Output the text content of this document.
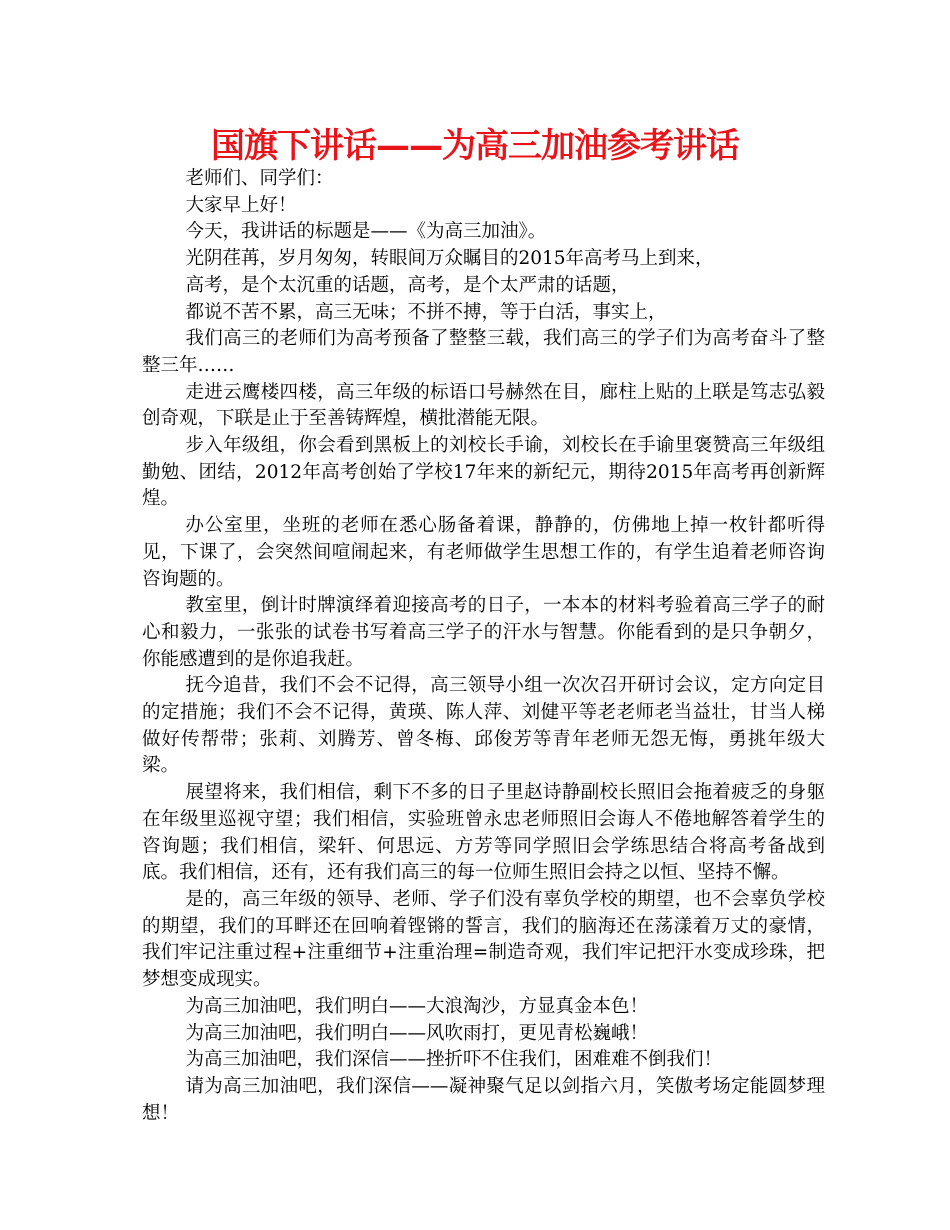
国旗下讲话——为高三加油参考讲话

老师们、同学们：

大家早上好！

今天，我讲话的标题是——《为高三加油》。

光阴荏苒，岁月匆匆，转眼间万众瞩目的2015年高考马上到来，

高考，是个太沉重的话题，高考，是个太严肃的话题，

都说不苦不累，高三无味；不拼不搏，等于白活，事实上，

我们高三的老师们为高考预备了整整三载，我们高三的学子们为高考奋斗了整整三年……

走进云鹰楼四楼，高三年级的标语口号赫然在目，廊柱上贴的上联是笃志弘毅创奇观，下联是止于至善铸辉煌，横批潜能无限。

步入年级组，你会看到黑板上的刘校长手谕，刘校长在手谕里褒赞高三年级组勤勉、团结，2012年高考创始了学校17年来的新纪元，期待2015年高考再创新辉煌。

办公室里，坐班的老师在悉心肠备着课，静静的，仿佛地上掉一枚针都听得见，下课了，会突然间喧闹起来，有老师做学生思想工作的，有学生追着老师咨询咨询题的。

教室里，倒计时牌演绎着迎接高考的日子，一本本的材料考验着高三学子的耐心和毅力，一张张的试卷书写着高三学子的汗水与智慧。你能看到的是只争朝夕，你能感遭到的是你追我赶。

抚今追昔，我们不会不记得，高三领导小组一次次召开研讨会议，定方向定目的定措施；我们不会不记得，黄瑛、陈人萍、刘健平等老老师老当益壮，甘当人梯做好传帮带；张莉、刘腾芳、曾冬梅、邱俊芳等青年老师无怨无悔，勇挑年级大梁。

展望将来，我们相信，剩下不多的日子里赵诗静副校长照旧会拖着疲乏的身躯在年级里巡视守望；我们相信，实验班曾永忠老师照旧会诲人不倦地解答着学生的咨询题；我们相信，梁轩、何思远、方芳等同学照旧会学练思结合将高考备战到底。我们相信，还有，还有我们高三的每一位师生照旧会持之以恒、坚持不懈。

是的，高三年级的领导、老师、学子们没有辜负学校的期望，也不会辜负学校的期望，我们的耳畔还在回响着铿锵的誓言，我们的脑海还在荡漾着万丈的豪情，我们牢记注重过程+注重细节+注重治理=制造奇观，我们牢记把汗水变成珍珠，把梦想变成现实。

为高三加油吧，我们明白——大浪淘沙，方显真金本色！

为高三加油吧，我们明白——风吹雨打，更见青松巍峨！

为高三加油吧，我们深信——挫折吓不住我们，困难难不倒我们！

请为高三加油吧，我们深信——凝神聚气足以剑指六月，笑傲考场定能圆梦理想！
